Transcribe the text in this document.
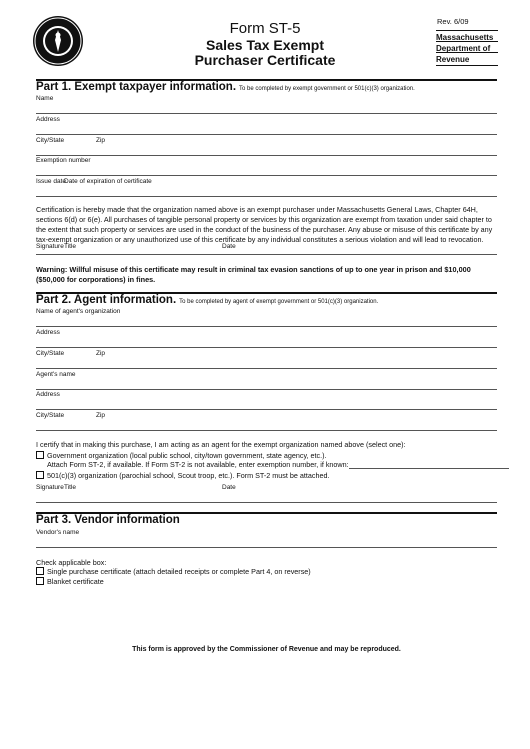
Form ST-5
Sales Tax Exempt
Purchaser Certificate
Rev. 6/09
Massachusetts
Department of
Revenue
Part 1. Exempt taxpayer information. To be completed by exempt government or 501(c)(3) organization.
Name
Address
City/State	Zip
Exemption number
Issue date
Date of expiration of certificate
Certification is hereby made that the organization named above is an exempt purchaser under Massachusetts General Laws, Chapter 64H, sections 6(d) or 6(e). All purchases of tangible personal property or services by this organization are exempt from taxation under said chapter to the extent that such property or services are used in the conduct of the business of the purchaser. Any abuse or misuse of this certificate by any tax-exempt organization or any unauthorized use of this certificate by any individual constitutes a serious violation and will lead to revocation.
Signature Title	Date
Warning: Willful misuse of this certificate may result in criminal tax evasion sanctions of up to one year in prison and $10,000 ($50,000 for corporations) in fines.
Part 2. Agent information. To be completed by agent of exempt government or 501(c)(3) organization.
Name of agent's organization
Address
City/State	Zip
Agent's name
Address
City/State	Zip
I certify that in making this purchase, I am acting as an agent for the exempt organization named above (select one):
Government organization (local public school, city/town government, state agency, etc.).
Attach Form ST-2, if available. If Form ST-2 is not available, enter exemption number, if known:
501(c)(3) organization (parochial school, Scout troop, etc.). Form ST-2 must be attached.
Signature Title	Date
Part 3. Vendor information
Vendor's name
Check applicable box:
Single purchase certificate (attach detailed receipts or complete Part 4, on reverse)
Blanket certificate
This form is approved by the Commissioner of Revenue and may be reproduced.
